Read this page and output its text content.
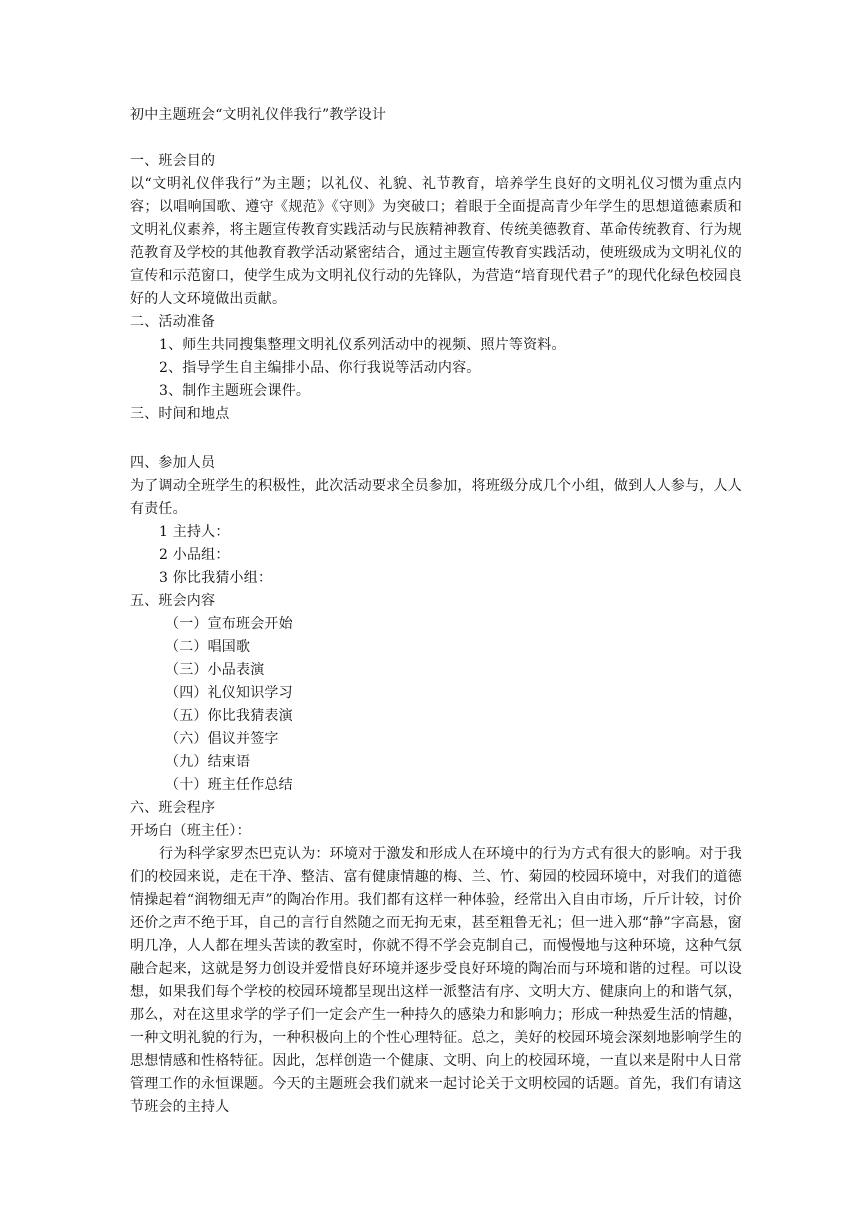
初中主题班会“文明礼仪伴我行”教学设计
一、班会目的
以“文明礼仪伴我行”为主题；以礼仪、礼貌、礼节教育，培养学生良好的文明礼仪习惯为重点内容；以唱响国歌、遵守《规范》《守则》为突破口；着眼于全面提高青少年学生的思想道德素质和文明礼仪素养，将主题宣传教育实践活动与民族精神教育、传统美德教育、革命传统教育、行为规范教育及学校的其他教育教学活动紧密结合，通过主题宣传教育实践活动，使班级成为文明礼仪的宣传和示范窗口，使学生成为文明礼仪行动的先锋队，为营造“培育现代君子”的现代化绿色校园良好的人文环境做出贡献。
二、活动准备
1、师生共同搜集整理文明礼仪系列活动中的视频、照片等资料。
2、指导学生自主编排小品、你行我说等活动内容。
3、制作主题班会课件。
三、时间和地点
四、参加人员
为了调动全班学生的积极性，此次活动要求全员参加，将班级分成几个小组，做到人人参与，人人有责任。
1 主持人：
2 小品组：
3 你比我猜小组：
五、班会内容
（一）宣布班会开始
（二）唱国歌
（三）小品表演
（四）礼仪知识学习
（五）你比我猜表演
（六）倡议并签字
（九）结束语
（十）班主任作总结
六、班会程序
开场白（班主任）：
行为科学家罗杰巴克认为：环境对于激发和形成人在环境中的行为方式有很大的影响。对于我们的校园来说，走在干净、整洁、富有健康情趣的梅、兰、竹、菊园的校园环境中，对我们的道德情操起着“润物细无声”的陶冶作用。我们都有这样一种体验，经常出入自由市场，斤斤计较，讨价还价之声不绝于耳，自己的言行自然随之而无拘无束，甚至粗鲁无礼；但一进入那“静”字高悬，窗明几净，人人都在埋头苦读的教室时，你就不得不学会克制自己，而慢慢地与这种环境，这种气氛融合起来，这就是努力创设并爱惜良好环境并逐步受良好环境的陶冶而与环境和谐的过程。可以设想，如果我们每个学校的校园环境都呈现出这样一派整洁有序、文明大方、健康向上的和谐气氛，那么，对在这里求学的学子们一定会产生一种持久的感染力和影响力；形成一种热爱生活的情趣，一种文明礼貌的行为，一种积极向上的个性心理特征。总之，美好的校园环境会深刻地影响学生的思想情感和性格特征。因此，怎样创造一个健康、文明、向上的校园环境，一直以来是附中人日常管理工作的永恒课题。今天的主题班会我们就来一起讨论关于文明校园的话题。首先，我们有请这节班会的主持人
